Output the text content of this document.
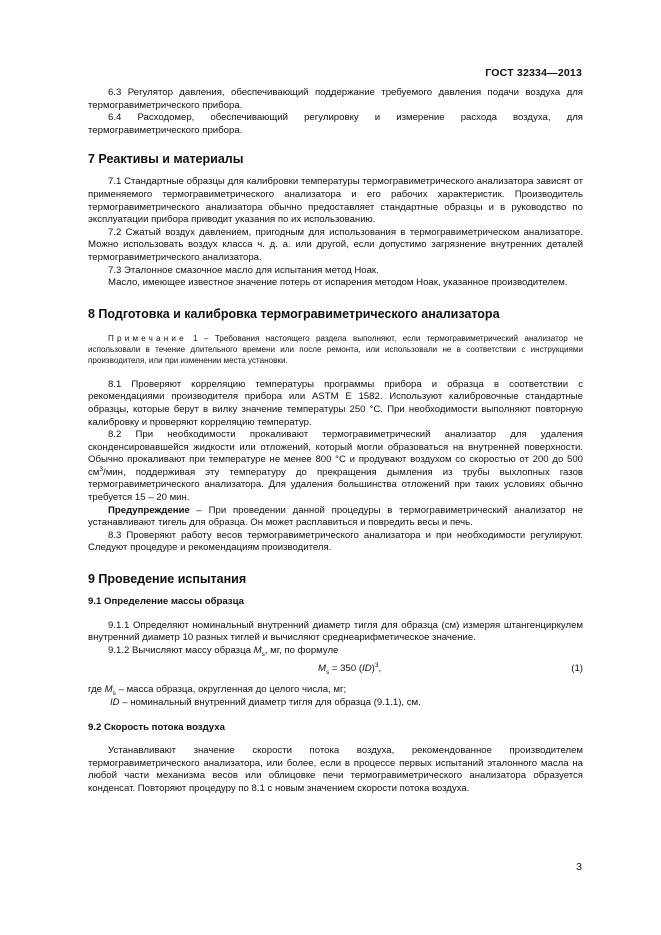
ГОСТ 32334—2013

6.3 Регулятор давления, обеспечивающий поддержание требуемого давления подачи воздуха для термогравиметрического прибора.

6.4 Расходомер, обеспечивающий регулировку и измерение расхода воздуха, для термогравиметрического прибора.

7 Реактивы и материалы

7.1 Стандартные образцы для калибровки температуры термогравиметрического анализатора зависят от применяемого термогравиметрического анализатора и его рабочих характеристик. Производитель термогравиметрического анализатора обычно предоставляет стандартные образцы и в руководство по эксплуатации прибора приводит указания по их использованию.

7.2 Сжатый воздух давлением, пригодным для использования в термогравиметрическом анализаторе. Можно использовать воздух класса ч. д. а. или другой, если допустимо загрязнение внутренних деталей термогравиметрического анализатора.

7.3 Эталонное смазочное масло для испытания метод Ноак.

Масло, имеющее известное значение потерь от испарения методом Ноак, указанное производителем.

8 Подготовка и калибровка термогравиметрического анализатора

Примечание 1 – Требования настоящего раздела выполняют, если термогравиметрический анализатор не использовали в течение длительного времени или после ремонта, или использовали не в соответствии с инструкциями производителя, или при изменении места установки.

8.1 Проверяют корреляцию температуры программы прибора и образца в соответствии с рекомендациями производителя прибора или ASTM E 1582. Используют калибровочные стандартные образцы, которые берут в вилку значение температуры 250 °С. При необходимости выполняют повторную калибровку и проверяют корреляцию температур.

8.2 При необходимости прокаливают термогравиметрический анализатор для удаления сконденсировавшейся жидкости или отложений, который могли образоваться на внутренней поверхности. Обычно прокаливают при температуре не менее 800 °С и продувают воздухом со скоростью от 200 до 500 $см^3$/мин, поддерживая эту температуру до прекращения дымления из трубы выхлопных газов термогравиметрического анализатора. Для удаления большинства отложений при таких условиях обычно требуется 15 – 20 мин.

Предупреждение – При проведении данной процедуры в термогравиметрический анализатор не устанавливают тигель для образца. Он может расплавиться и повредить весы и печь.

8.3 Проверяют работу весов термогравиметрического анализатора и при необходимости регулируют. Следуют процедуре и рекомендациям производителя.

9 Проведение испытания
9.1 Определение массы образца

9.1.1 Определяют номинальный внутренний диаметр тигля для образца (см) измеряя штангенциркулем внутренний диаметр 10 разных тиглей и вычисляют среднеарифметическое значение.

9.1.2 Вычисляют массу образца $M_s$, мг, по формуле

$M_s = 350$ (ID)$^3$,	(1)

где $M_s$ – масса образца, округленная до целого числа, мг;

ID – номинальный внутренний диаметр тигля для образца (9.1.1), см.

9.2 Скорость потока воздуха

Устанавливают значение скорости потока воздуха, рекомендованное производителем термогравиметрического анализатора, или более, если в процессе первых испытаний эталонного масла на любой части механизма весов или облицовке печи термогравиметрического анализатора образуется конденсат. Повторяют процедуру по 8.1 с новым значением скорости потока воздуха.

3
